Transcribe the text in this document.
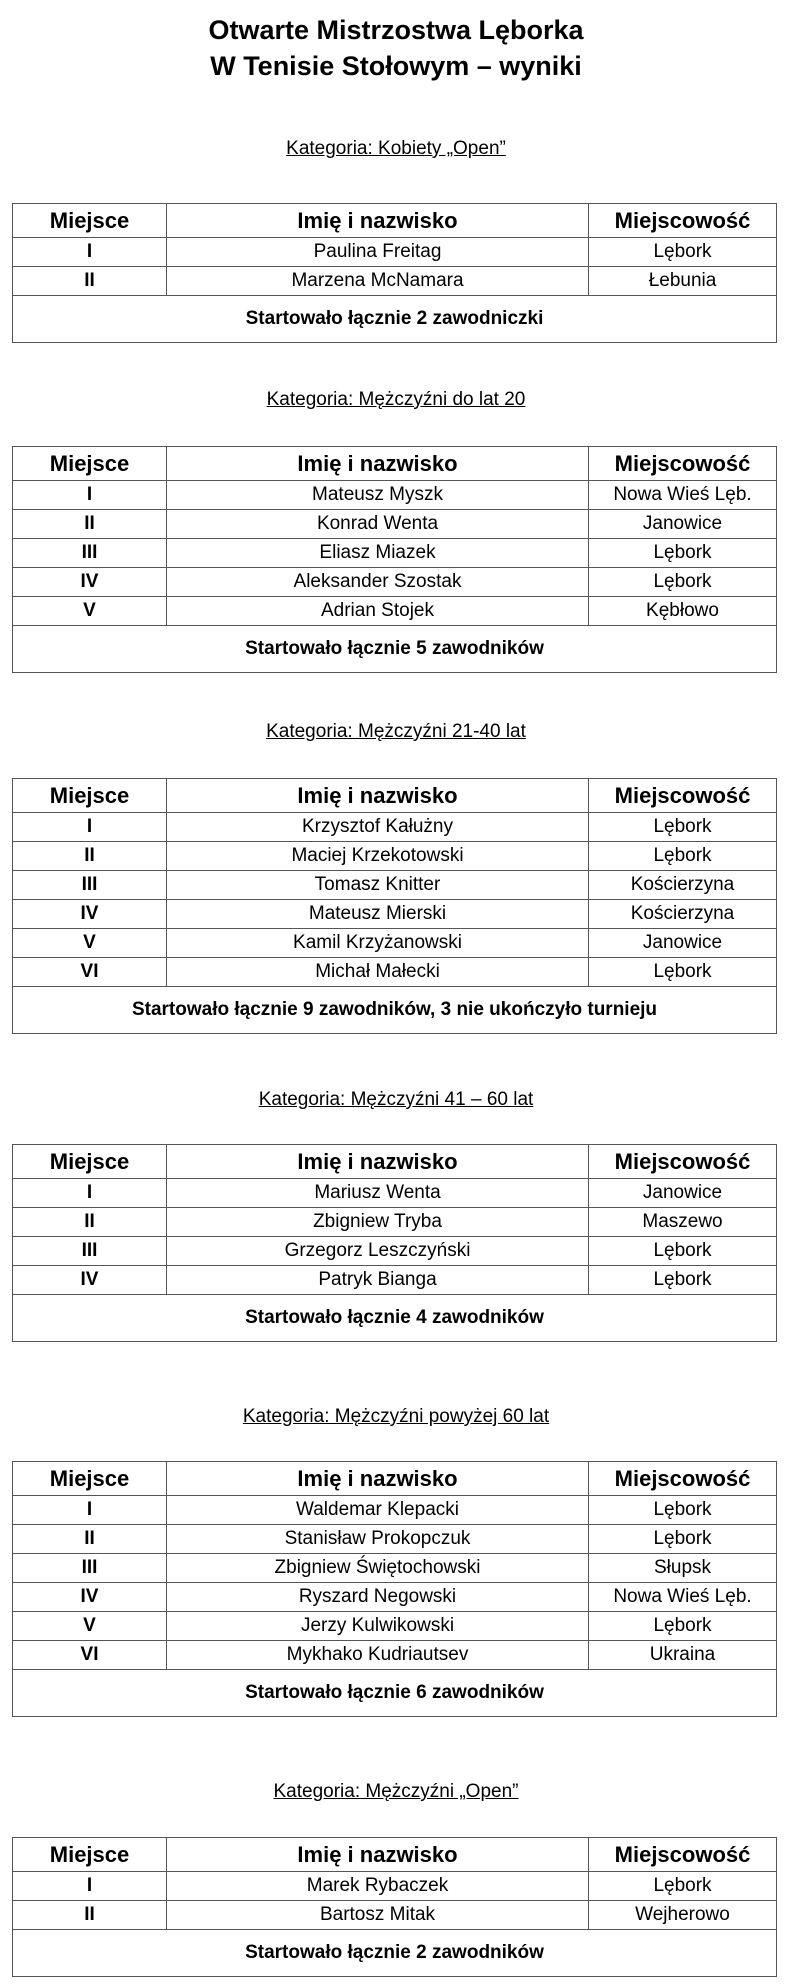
Otwarte Mistrzostwa Lęborka
W Tenisie Stołowym – wyniki
Kategoria: Kobiety „Open”
Miejsce	Imię i nazwisko	Miejscowość
I	Paulina Freitag	Lębork
II	Marzena McNamara	Łebunia
Startowało łącznie 2 zawodniczki		
Kategoria: Mężczyźni do lat 20
Miejsce	Imię i nazwisko	Miejscowość
I	Mateusz Myszk	Nowa Wieś Lęb.
II	Konrad Wenta	Janowice
III	Eliasz Miazek	Lębork
IV	Aleksander Szostak	Lębork
V	Adrian Stojek	Kębłowo
Startowało łącznie 5 zawodników		
Kategoria: Mężczyźni 21-40 lat
Miejsce	Imię i nazwisko	Miejscowość
I	Krzysztof Kałużny	Lębork
II	Maciej Krzekotowski	Lębork
III	Tomasz Knitter	Kościerzyna
IV	Mateusz Mierski	Kościerzyna
V	Kamil Krzyżanowski	Janowice
VI	Michał Małecki	Lębork
Startowało łącznie 9 zawodników, 3 nie ukończyło turnieju		
Kategoria: Mężczyźni 41 – 60 lat
Miejsce	Imię i nazwisko	Miejscowość
I	Mariusz Wenta	Janowice
II	Zbigniew Tryba	Maszewo
III	Grzegorz Leszczyński	Lębork
IV	Patryk Bianga	Lębork
Startowało łącznie 4 zawodników		
Kategoria: Mężczyźni powyżej 60 lat
Miejsce	Imię i nazwisko	Miejscowość
I	Waldemar Klepacki	Lębork
II	Stanisław Prokopczuk	Lębork
III	Zbigniew Świętochowski	Słupsk
IV	Ryszard Negowski	Nowa Wieś Lęb.
V	Jerzy Kulwikowski	Lębork
VI	Mykhako Kudriautsev	Ukraina
Startowało łącznie 6 zawodników		
Kategoria: Mężczyźni „Open”
Miejsce	Imię i nazwisko	Miejscowość
I	Marek Rybaczek	Lębork
II	Bartosz Mitak	Wejherowo
Startowało łącznie 2 zawodników		
